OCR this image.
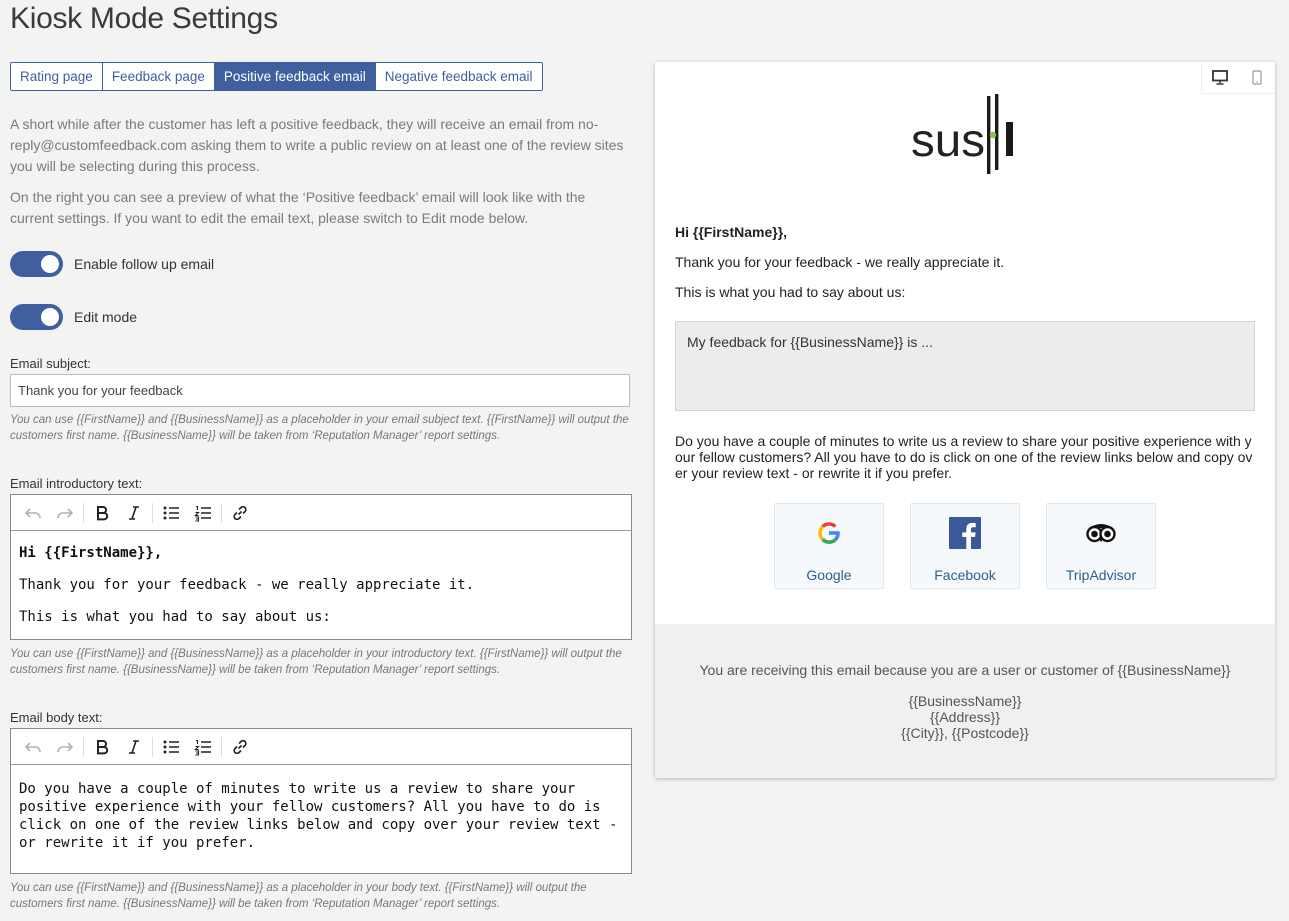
Kiosk Mode Settings
Rating page	Feedback page	Positive feedback email	Negative feedback email

A short while after the customer has left a positive feedback, they will receive an email from no-reply@customfeedback.com asking them to write a public review on at least one of the review sites you will be selecting during this process.

On the right you can see a preview of what the ‘Positive feedback’ email will look like with the current settings. If you want to edit the email text, please switch to Edit mode below.

Enable follow up email
Edit mode
Email subject:
Thank you for your feedback

You can use {{FirstName}} and {{BusinessName}} as a placeholder in your email subject text. {{FirstName}} will output the customers first name. {{BusinessName}} will be taken from ‘Reputation Manager’ report settings.

Email introductory text:

Hi {{FirstName}},

Thank you for your feedback - we really appreciate it.

This is what you had to say about us:

You can use {{FirstName}} and {{BusinessName}} as a placeholder in your introductory text. {{FirstName}} will output the customers first name. {{BusinessName}} will be taken from ‘Reputation Manager’ report settings.

Email body text:

Do you have a couple of minutes to write us a review to share your positive experience with your fellow customers? All you have to do is click on one of the review links below and copy over your review text - or rewrite it if you prefer.

You can use {{FirstName}} and {{BusinessName}} as a placeholder in your body text. {{FirstName}} will output the customers first name. {{BusinessName}} will be taken from ‘Reputation Manager’ report settings.

sus

Hi {{FirstName}},

Thank you for your feedback - we really appreciate it.

This is what you had to say about us:

My feedback for {{BusinessName}} is ...

Do you have a couple of minutes to write us a review to share your positive experience with your fellow customers? All you have to do is click on one of the review links below and copy over your review text - or rewrite it if you prefer.

Google	Facebook	TripAdvisor

You are receiving this email because you are a user or customer of {{BusinessName}}

{{BusinessName}}
{{Address}}
{{City}}, {{Postcode}}
